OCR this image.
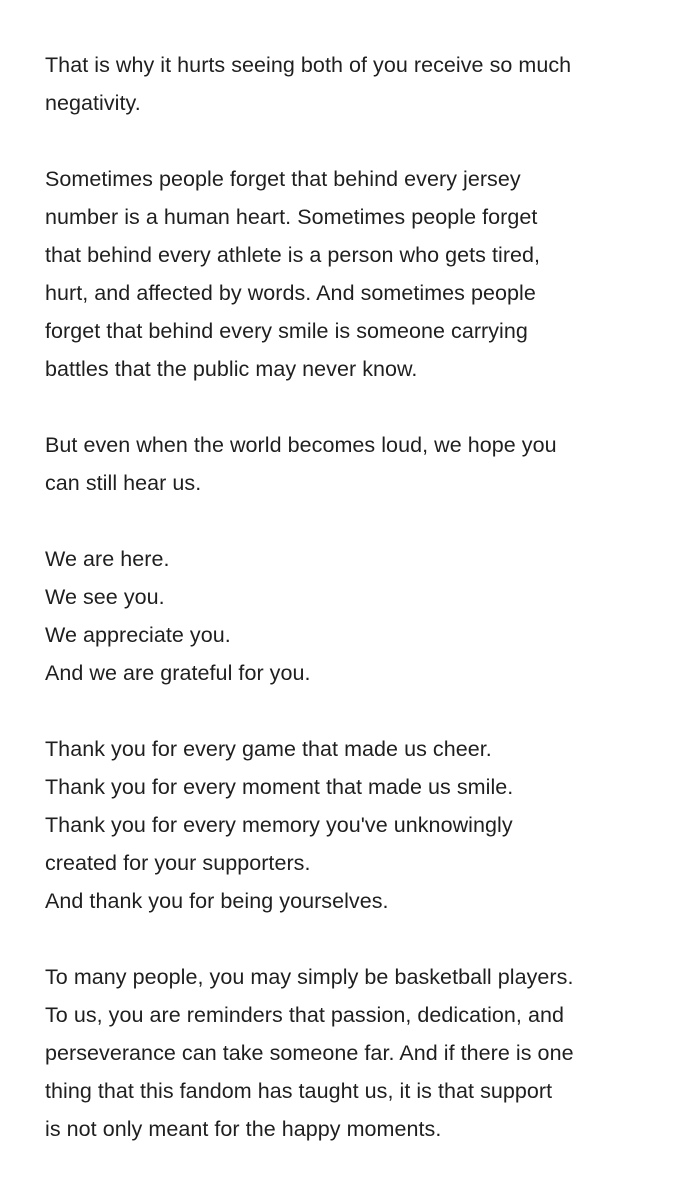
That is why it hurts seeing both of you receive so much
negativity.

Sometimes people forget that behind every jersey
number is a human heart. Sometimes people forget
that behind every athlete is a person who gets tired,
hurt, and affected by words. And sometimes people
forget that behind every smile is someone carrying
battles that the public may never know.

But even when the world becomes loud, we hope you
can still hear us.

We are here.
We see you.
We appreciate you.
And we are grateful for you.

Thank you for every game that made us cheer.
Thank you for every moment that made us smile.
Thank you for every memory you've unknowingly
created for your supporters.
And thank you for being yourselves.

To many people, you may simply be basketball players.
To us, you are reminders that passion, dedication, and
perseverance can take someone far. And if there is one
thing that this fandom has taught us, it is that support
is not only meant for the happy moments.
